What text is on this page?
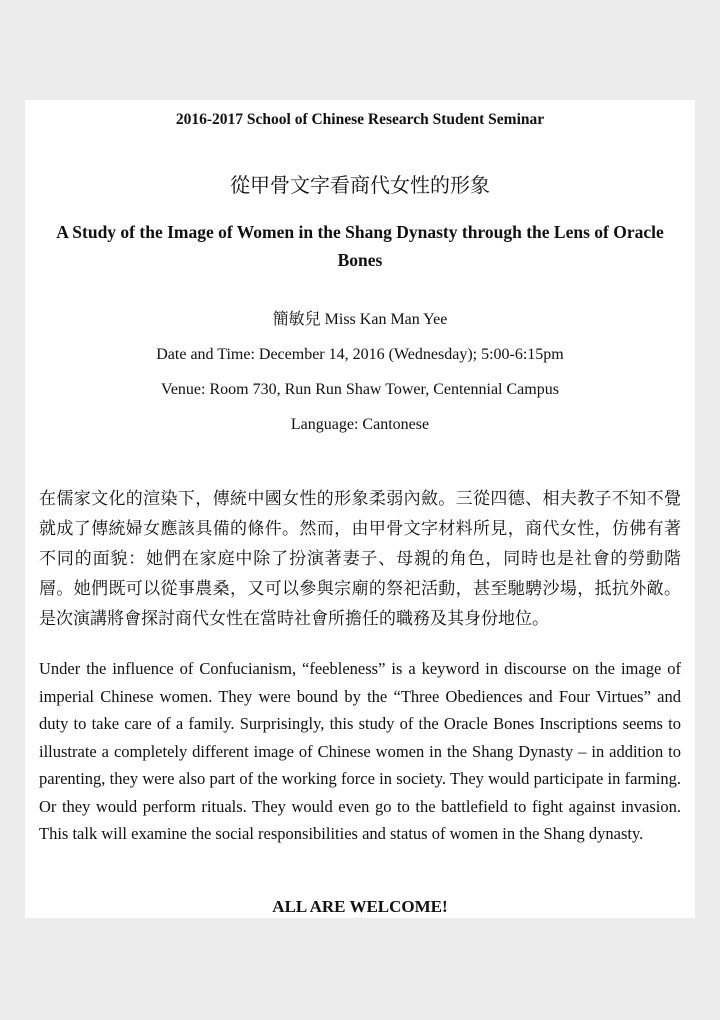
2016-2017 School of Chinese Research Student Seminar
從甲骨文字看商代女性的形象
A Study of the Image of Women in the Shang Dynasty through the Lens of Oracle Bones
簡敏兒 Miss Kan Man Yee
Date and Time: December 14, 2016 (Wednesday); 5:00-6:15pm
Venue: Room 730, Run Run Shaw Tower, Centennial Campus
Language: Cantonese

在儒家文化的渲染下，傳統中國女性的形象柔弱內斂。三從四德、相夫教子不知不覺就成了傳統婦女應該具備的條件。然而，由甲骨文字材料所見，商代女性，仿佛有著不同的面貌：她們在家庭中除了扮演著妻子、母親的角色，同時也是社會的勞動階層。她們既可以從事農桑，又可以參與宗廟的祭祀活動，甚至馳騁沙場，抵抗外敵。是次演講將會探討商代女性在當時社會所擔任的職務及其身份地位。

Under the influence of Confucianism, “feebleness” is a keyword in discourse on the image of imperial Chinese women. They were bound by the “Three Obediences and Four Virtues” and duty to take care of a family. Surprisingly, this study of the Oracle Bones Inscriptions seems to illustrate a completely different image of Chinese women in the Shang Dynasty – in addition to parenting, they were also part of the working force in society. They would participate in farming. Or they would perform rituals. They would even go to the battlefield to fight against invasion. This talk will examine the social responsibilities and status of women in the Shang dynasty.

ALL ARE WELCOME!
